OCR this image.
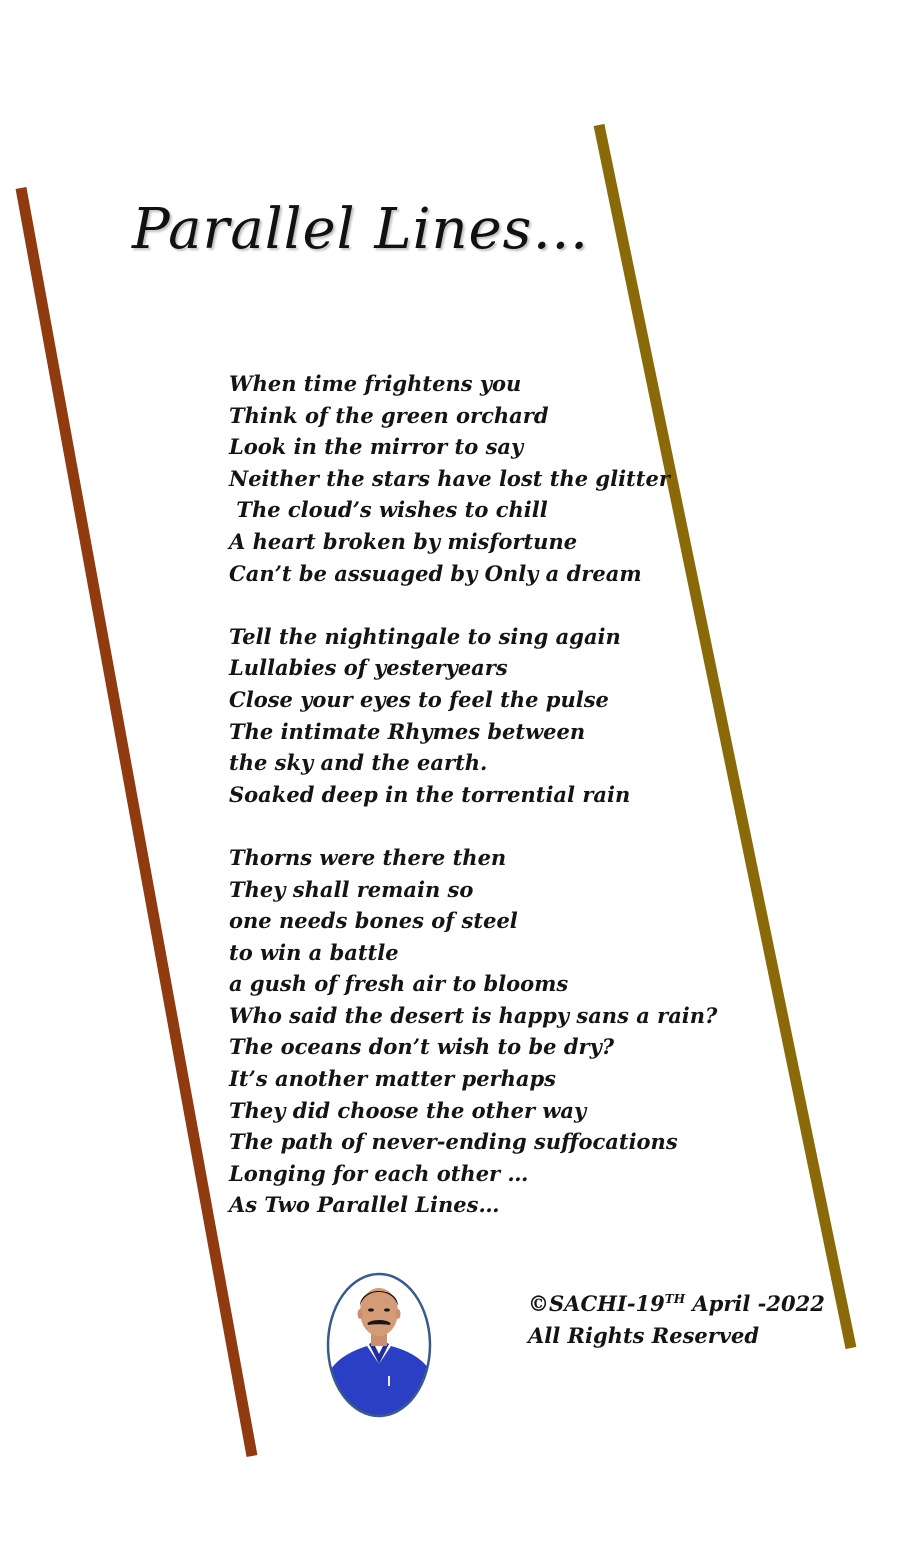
Parallel Lines…
When time frightens you
Think of the green orchard
Look in the mirror to say
Neither the stars have lost the glitter
The cloud’s wishes to chill
A heart broken by misfortune
Can’t be assuaged by Only a dream
Tell the nightingale to sing again
Lullabies of yesteryears
Close your eyes to feel the pulse
The intimate Rhymes between
the sky and the earth.
Soaked deep in the torrential rain
Thorns were there then
They shall remain so
one needs bones of steel
to win a battle
a gush of fresh air to blooms
Who said the desert is happy sans a rain?
The oceans don’t wish to be dry?
It’s another matter perhaps
They did choose the other way
The path of never-ending suffocations
Longing for each other …
As Two Parallel Lines…
©SACHI-19TH April -2022
All Rights Reserved
